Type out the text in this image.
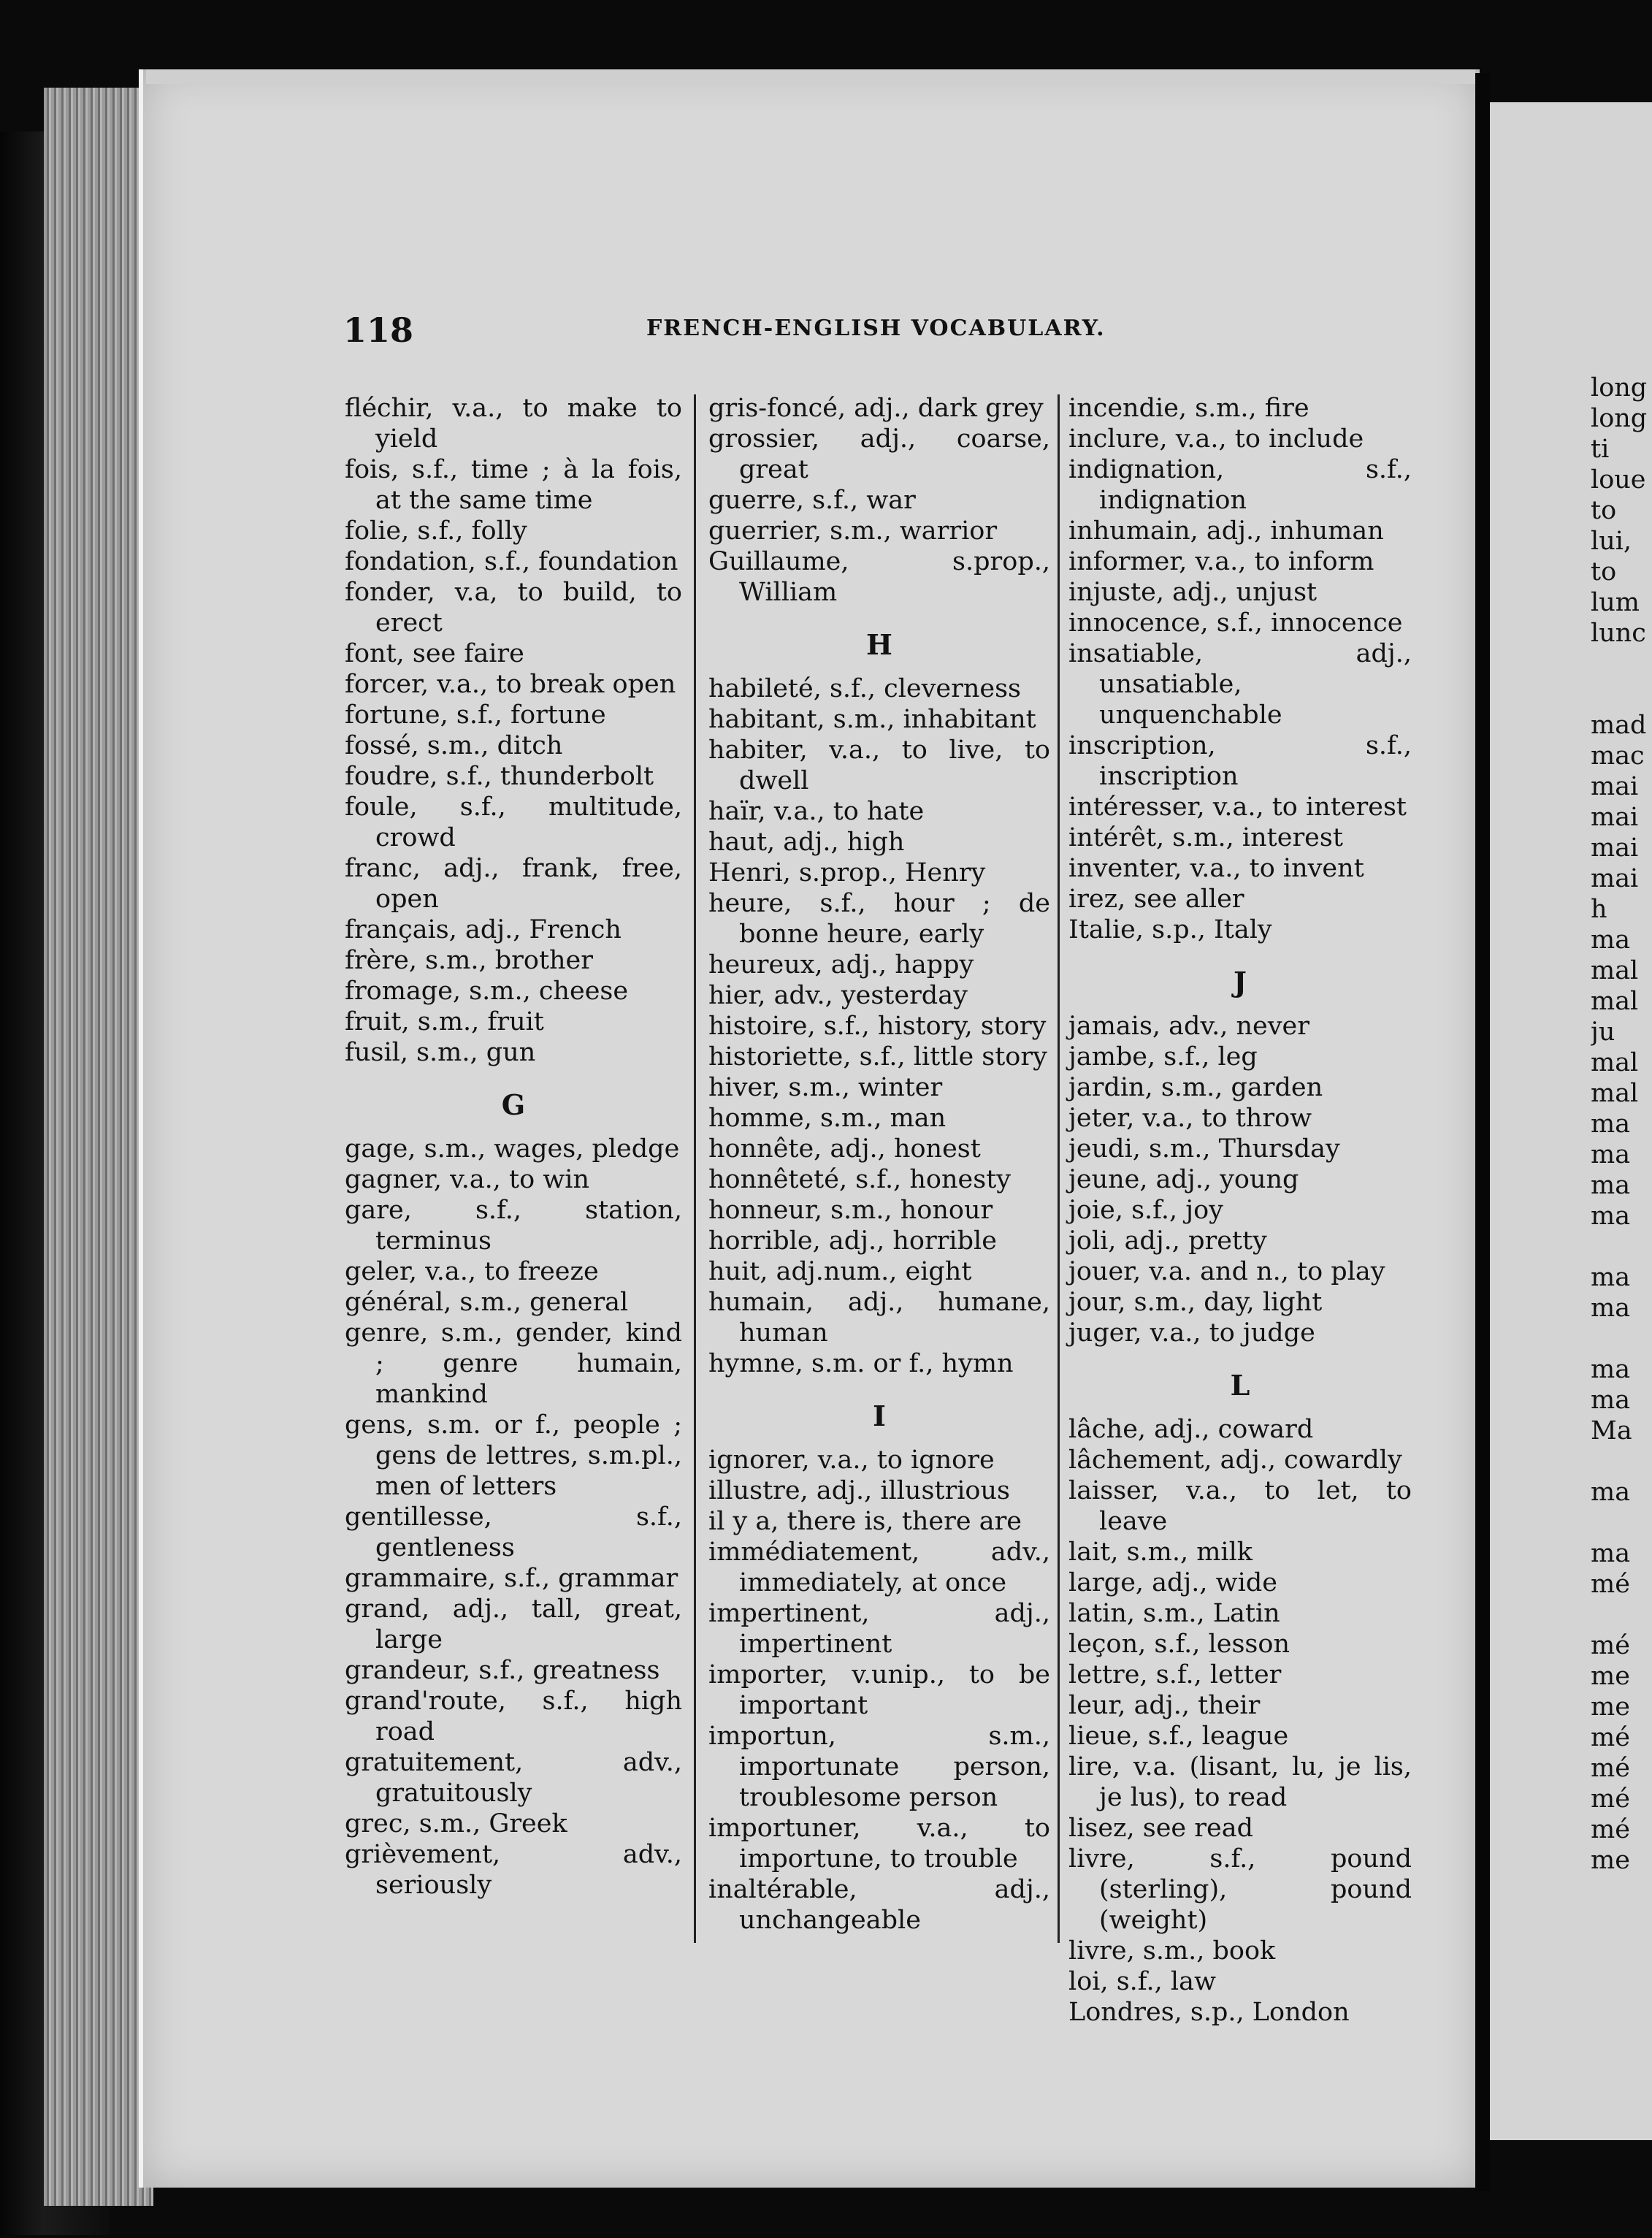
long
long
ti
loue
to
lui,
to
lum
lunc
mad
mac
mai
mai
mai
mai
h
ma
mal
mal
ju
mal
mal
ma
ma
ma
ma
ma
ma
ma
ma
Ma
ma
ma
mé
mé
me
me
mé
mé
mé
mé
me
118	FRENCH-ENGLISH VOCABULARY.
fléchir, v.a., to make to yield
fois, s.f., time ; à la fois, at the same time
folie, s.f., folly
fondation, s.f., foundation
fonder, v.a, to build, to erect
font, see faire
forcer, v.a., to break open
fortune, s.f., fortune
fossé, s.m., ditch
foudre, s.f., thunderbolt
foule, s.f., multitude, crowd
franc, adj., frank, free, open
français, adj., French
frère, s.m., brother
fromage, s.m., cheese
fruit, s.m., fruit
fusil, s.m., gun
G
gage, s.m., wages, pledge
gagner, v.a., to win
gare, s.f., station, terminus
geler, v.a., to freeze
général, s.m., general
genre, s.m., gender, kind ; genre humain, mankind
gens, s.m. or f., people ; gens de lettres, s.m.pl., men of letters
gentillesse, s.f., gentleness
grammaire, s.f., grammar
grand, adj., tall, great, large
grandeur, s.f., greatness
grand'route, s.f., high road
gratuitement, adv., gratuitously
grec, s.m., Greek
grièvement, adv., seriously
gris-foncé, adj., dark grey
grossier, adj., coarse, great
guerre, s.f., war
guerrier, s.m., warrior
Guillaume, s.prop., William
H
habileté, s.f., cleverness
habitant, s.m., inhabitant
habiter, v.a., to live, to dwell
haïr, v.a., to hate
haut, adj., high
Henri, s.prop., Henry
heure, s.f., hour ; de bonne heure, early
heureux, adj., happy
hier, adv., yesterday
histoire, s.f., history, story
historiette, s.f., little story
hiver, s.m., winter
homme, s.m., man
honnête, adj., honest
honnêteté, s.f., honesty
honneur, s.m., honour
horrible, adj., horrible
huit, adj.num., eight
humain, adj., humane, human
hymne, s.m. or f., hymn
I
ignorer, v.a., to ignore
illustre, adj., illustrious
il y a, there is, there are
immédiatement, adv., immediately, at once
impertinent, adj., impertinent
importer, v.unip., to be important
importun, s.m., importunate person, troublesome person
importuner, v.a., to importune, to trouble
inaltérable, adj., unchangeable
incendie, s.m., fire
inclure, v.a., to include
indignation, s.f., indignation
inhumain, adj., inhuman
informer, v.a., to inform
injuste, adj., unjust
innocence, s.f., innocence
insatiable, adj., unsatiable, unquenchable
inscription, s.f., inscription
intéresser, v.a., to interest
intérêt, s.m., interest
inventer, v.a., to invent
irez, see aller
Italie, s.p., Italy
J
jamais, adv., never
jambe, s.f., leg
jardin, s.m., garden
jeter, v.a., to throw
jeudi, s.m., Thursday
jeune, adj., young
joie, s.f., joy
joli, adj., pretty
jouer, v.a. and n., to play
jour, s.m., day, light
juger, v.a., to judge
L
lâche, adj., coward
lâchement, adj., cowardly
laisser, v.a., to let, to leave
lait, s.m., milk
large, adj., wide
latin, s.m., Latin
leçon, s.f., lesson
lettre, s.f., letter
leur, adj., their
lieue, s.f., league
lire, v.a. (lisant, lu, je lis, je lus), to read
lisez, see read
livre, s.f., pound (sterling), pound (weight)
livre, s.m., book
loi, s.f., law
Londres, s.p., London
